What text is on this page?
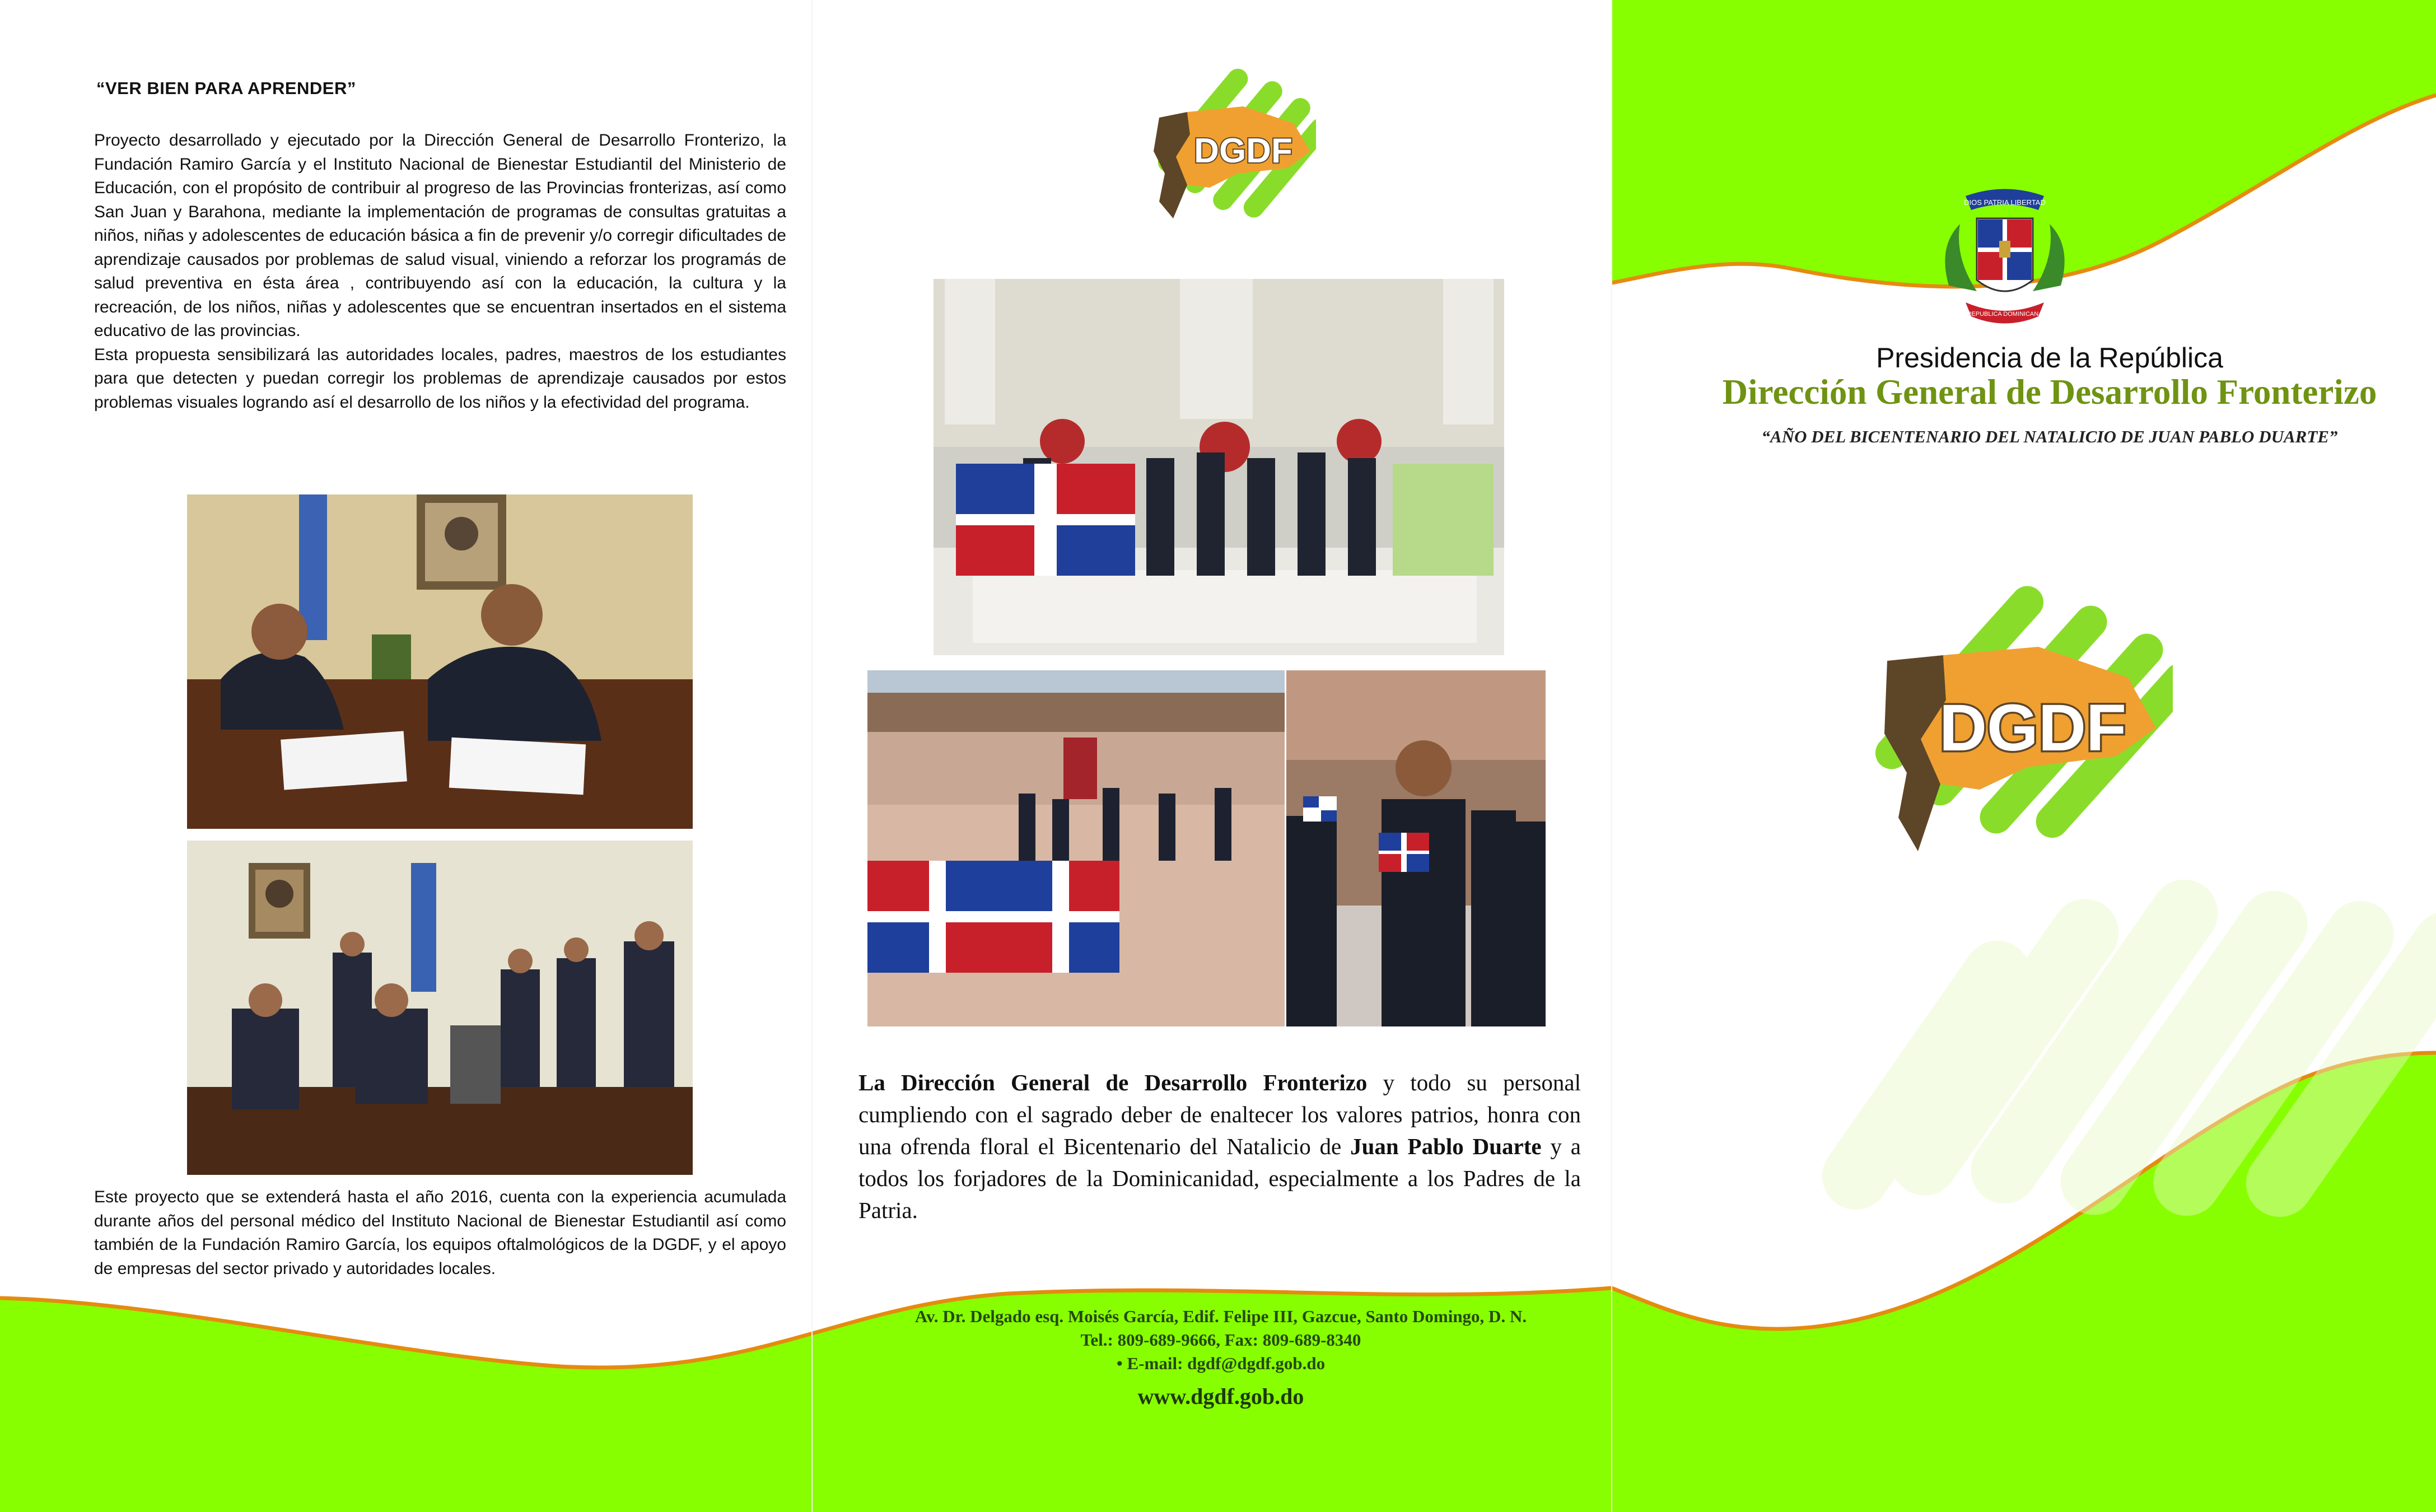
“VER BIEN PARA APRENDER”

Proyecto desarrollado y ejecutado por la Dirección General de Desarrollo Fronterizo, la Fundación Ramiro García y el Instituto Nacional de Bienestar Estudiantil del Ministerio de Educación, con el propósito de contribuir al progreso de las Provincias fronterizas, así como San Juan y Barahona, mediante la implementación de programas de consultas gratuitas a niños, niñas y adolescentes de educación básica a fin de prevenir y/o corregir dificultades de aprendizaje causados por problemas de salud visual, viniendo a reforzar los programás de salud preventiva en ésta área , contribuyendo así con la educación, la cultura y la recreación, de los niños, niñas y adolescentes que se encuentran insertados en el sistema educativo de las provincias.

Esta propuesta sensibilizará las autoridades locales, padres, maestros de los estudiantes para que detecten y puedan corregir los problemas de aprendizaje causados por estos problemas visuales logrando así el desarrollo de los niños y la efectividad del programa.

Este proyecto que se extenderá hasta el año 2016, cuenta con la experiencia acumulada durante años del personal médico del Instituto Nacional de Bienestar Estudiantil así como también de la Fundación Ramiro García, los equipos oftalmológicos de la DGDF, y el apoyo de empresas del sector privado y autoridades locales.
DGDF
La Dirección General de Desarrollo Fronterizo y todo su personal cumpliendo con el sagrado deber de enaltecer los valores patrios, honra con una ofrenda floral el Bicentenario del Natalicio de Juan Pablo Duarte y a todos los forjadores de la Dominicanidad, especialmente a los Padres de la Patria.
Av. Dr. Delgado esq. Moisés García, Edif. Felipe III, Gazcue, Santo Domingo, D. N.
Tel.: 809-689-9666, Fax: 809-689-8340
• E-mail: dgdf@dgdf.gob.do
www.dgdf.gob.do
DIOS PATRIA LIBERTAD
REPUBLICA DOMINICANA
Presidencia de la República
Dirección General de Desarrollo Fronterizo
“AÑO DEL BICENTENARIO DEL NATALICIO DE JUAN PABLO DUARTE”
DGDF
